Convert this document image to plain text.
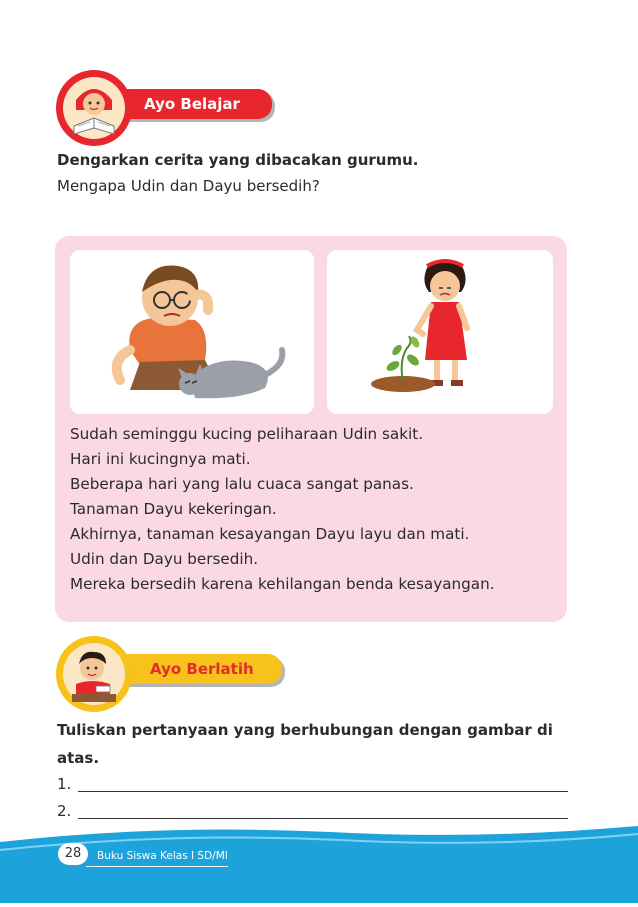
Ayo Belajar
Dengarkan cerita yang dibacakan gurumu.
Mengapa Udin dan Dayu bersedih?
Sudah seminggu kucing peliharaan Udin sakit.
Hari ini kucingnya mati.
Beberapa hari yang lalu cuaca sangat panas.
Tanaman Dayu kekeringan.
Akhirnya, tanaman kesayangan Dayu layu dan mati.
Udin dan Dayu bersedih.
Mereka bersedih karena kehilangan benda kesayangan.
Ayo Berlatih
Tuliskan pertanyaan yang berhubungan dengan gambar di
atas.
1.
2.
28	Buku Siswa Kelas I SD/MI
